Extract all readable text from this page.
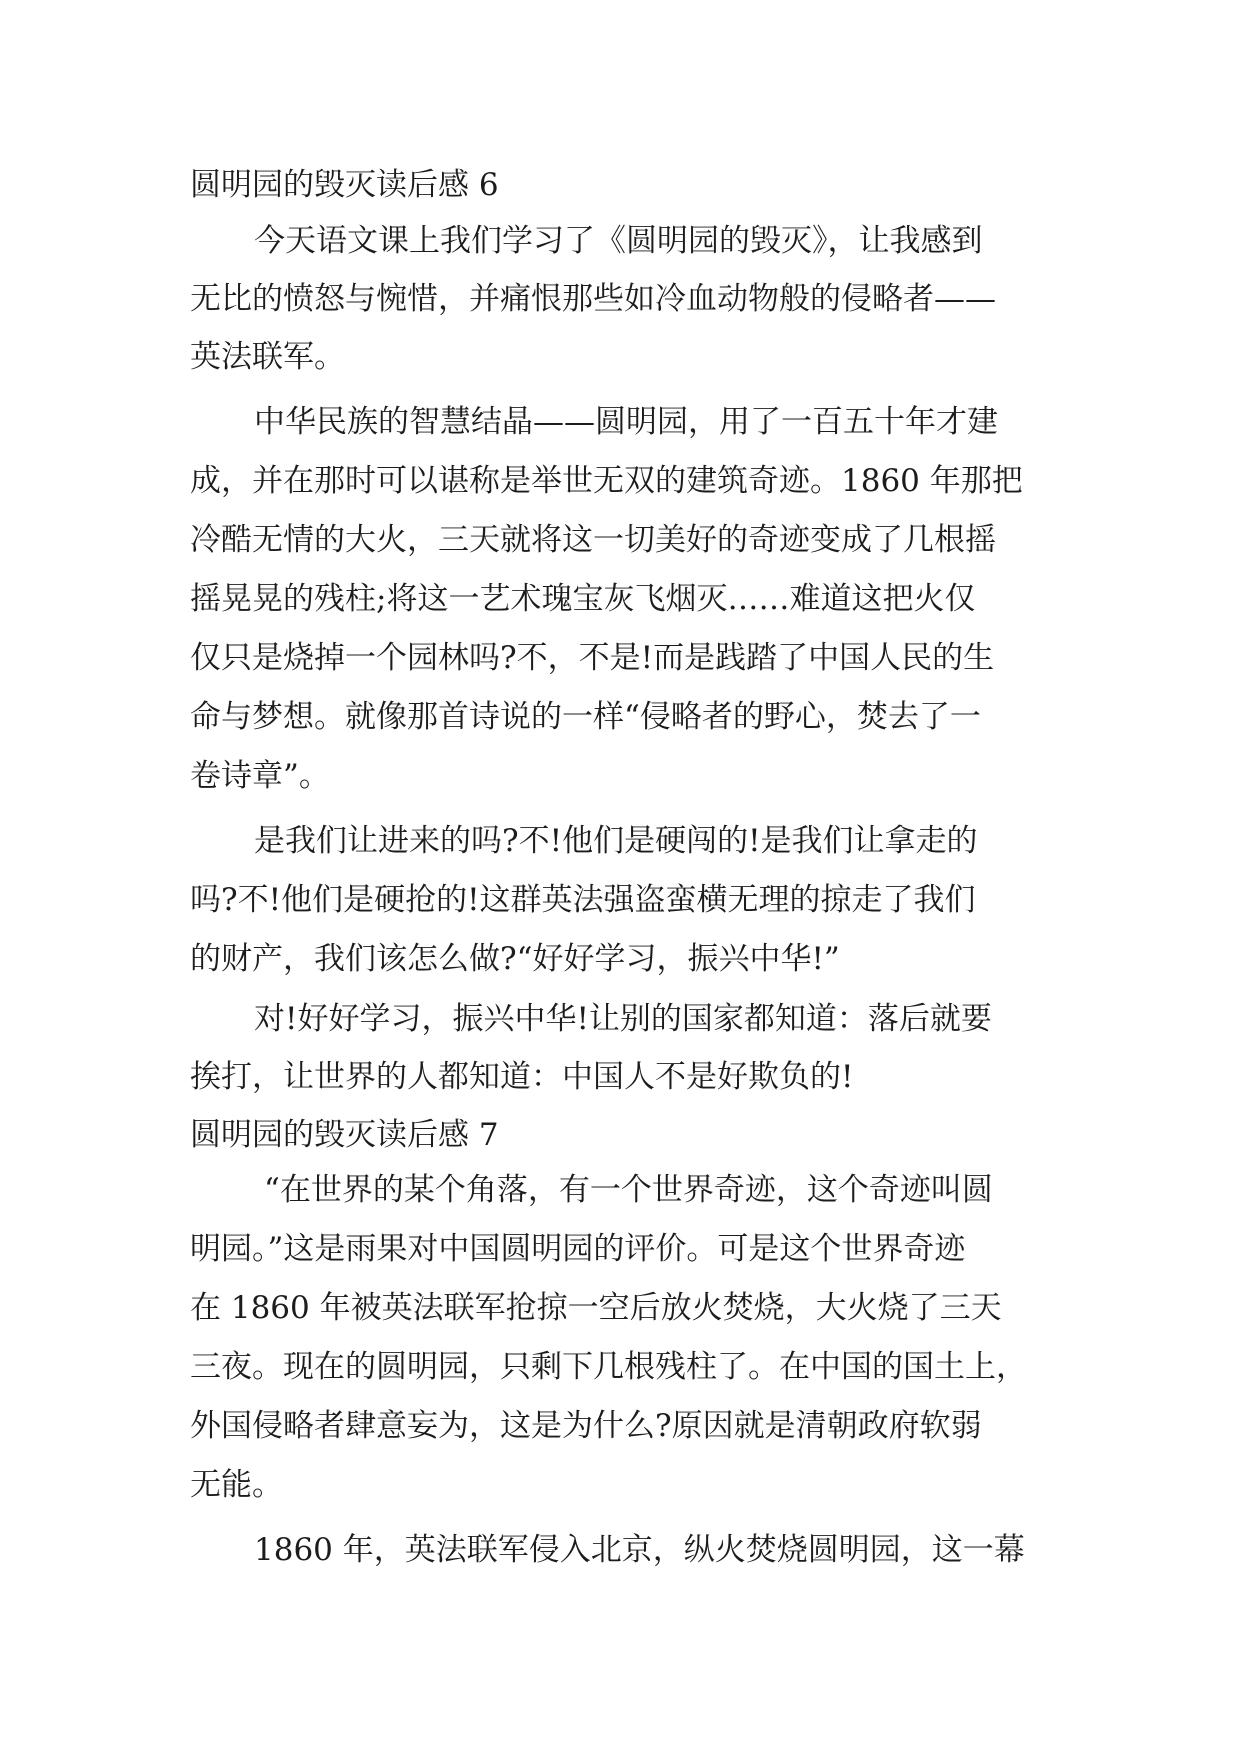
圆明园的毁灭读后感 6
今天语文课上我们学习了《圆明园的毁灭》，让我感到
无比的愤怒与惋惜，并痛恨那些如冷血动物般的侵略者——
英法联军。
中华民族的智慧结晶——圆明园，用了一百五十年才建
成，并在那时可以谌称是举世无双的建筑奇迹。1860 年那把
冷酷无情的大火，三天就将这一切美好的奇迹变成了几根摇
摇晃晃的残柱;将这一艺术瑰宝灰飞烟灭……难道这把火仅
仅只是烧掉一个园林吗?不，不是!而是践踏了中国人民的生
命与梦想。就像那首诗说的一样“侵略者的野心，焚去了一
卷诗章”。
是我们让进来的吗?不!他们是硬闯的!是我们让拿走的
吗?不!他们是硬抢的!这群英法强盗蛮横无理的掠走了我们
的财产，我们该怎么做?“好好学习，振兴中华!”
对!好好学习，振兴中华!让别的国家都知道：落后就要
挨打，让世界的人都知道：中国人不是好欺负的!
圆明园的毁灭读后感 7
“在世界的某个角落，有一个世界奇迹，这个奇迹叫圆
明园。”这是雨果对中国圆明园的评价。可是这个世界奇迹
在 1860 年被英法联军抢掠一空后放火焚烧，大火烧了三天
三夜。现在的圆明园，只剩下几根残柱了。在中国的国土上，
外国侵略者肆意妄为，这是为什么?原因就是清朝政府软弱
无能。
1860 年，英法联军侵入北京，纵火焚烧圆明园，这一幕
